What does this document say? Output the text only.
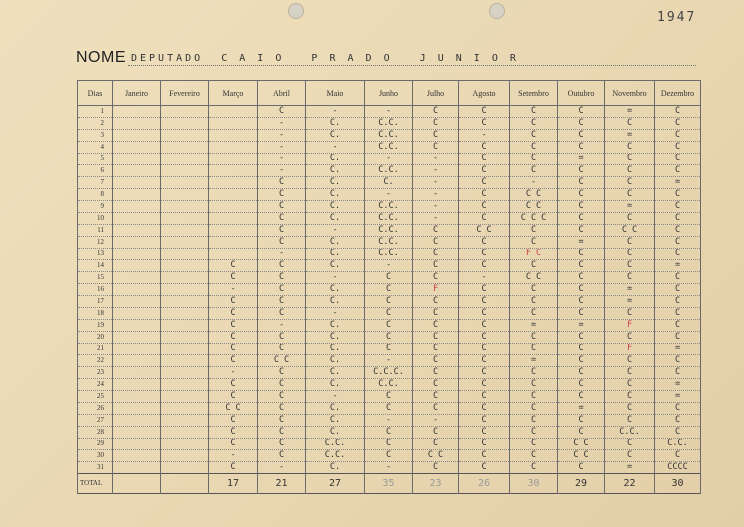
1947
NOME DEPUTADO  C A I O   P R A D O   J U N I O R
Dias	Janeiro	Fevereiro	Março	Abril	Maio	Junho	Julho	Agosto	Setembro	Outubro	Novembro	Dezembro
1				C	-	-	C	C	C	C	=	C
2				-	C.	C.C.	C	C	C	C	C	C
3				-	C.	C.C.	C	-	C	C	=	C
4				-	-	C.C.	C	C	C	C	C	C
5				-	C.	-	-	C	C	=	C	C
6				-	C.	C.C.	-	C	C	C	C	C
7				C	C.	C.	-	C	-	C	C	=
8				C	C.	-	-	C	C C	C	C	C
9				C	C.	C.C.	-	C	C C	C	=	C
10				C	C.	C.C.	-	C	C C C	C	C	C
11				C	-	C.C.	C	C C	C	C	C C	C
12				C	C.	C.C.	C	C	C	=	C	C
13				-	C.	C.C.	C	C	F C	C	C	C
14			C	C	C.	-	C	C	C	C	C	=
15			C	C	-	C	C	-	C C	C	C	C
16			-	C	C.	C	F	C	C	C	=	C
17			C	C	C.	C	C	C	C	C	=	C
18			C	C	-	C	C	C	C	C	C	C
19			C	-	C.	C	C	C	=	=	F	C
20			C	C	C.	C	C	C	C	C	C	C
21			C	C	C.	C	C	C	C	C	F	=
22			C	C C	C.	-	C	C	=	C	C	C
23			-	C	C.	C.C.C.	C	C	C	C	C	C
24			C	C	C.	C.C.	C	C	C	C	C	=
25			C	C	-	C	C	C	C	C	C	=
26			C C	C	C.	C	C	C	C	=	C	C
27			C	C	C.	-	-	C	C	C	C	C
28			C	C	C.	C	C	C	C	C	C.C.	C
29			C	C	C.C.	C	C	C	C	C C	C	C.C.
30			-	C	C.C.	C	C C	C	C	C C	C	C
31			C	-	C.	-	C	C	C	C	=	CCCC
TOTAL			17	21	27	35	23	26	30	29	22	30
